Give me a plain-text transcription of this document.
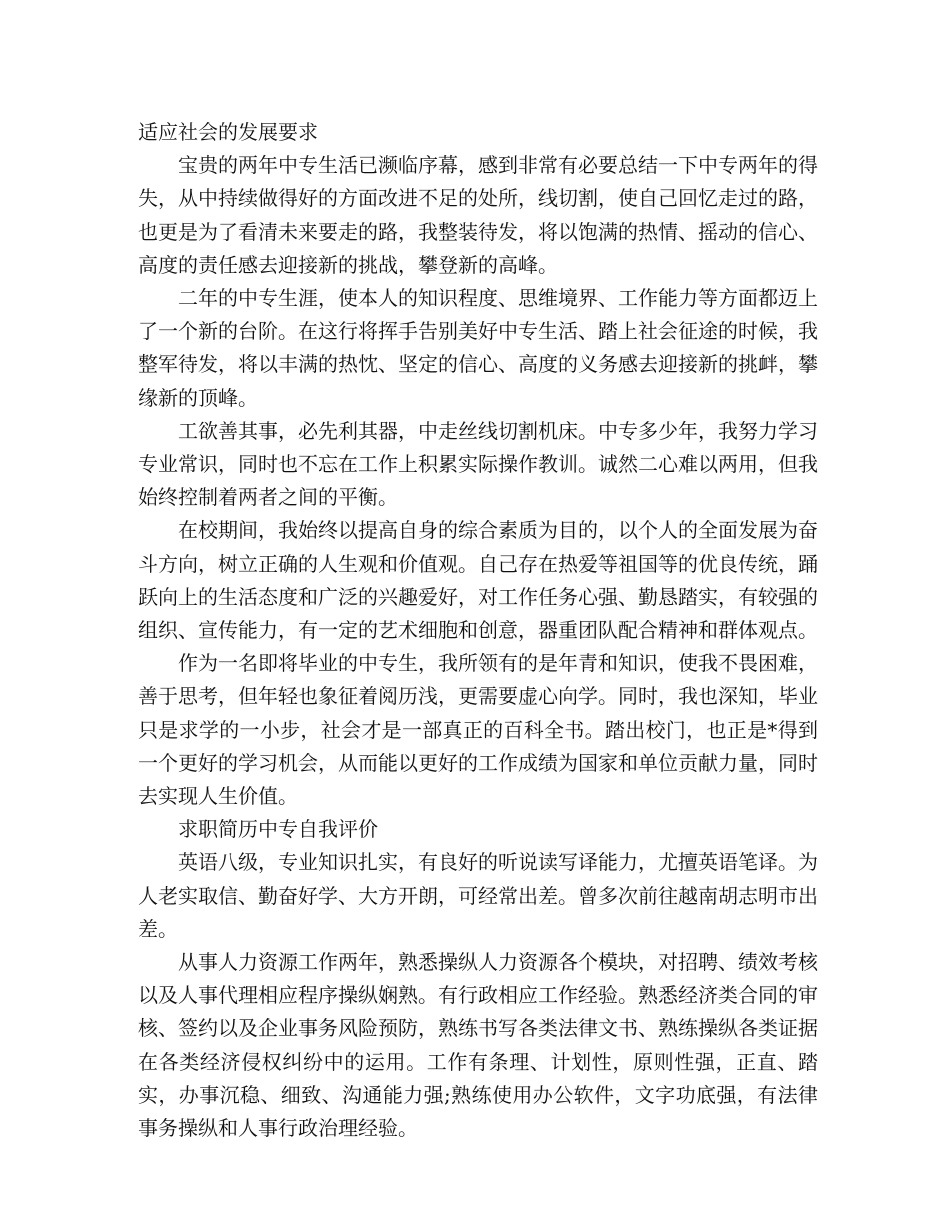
适应社会的发展要求

宝贵的两年中专生活已濒临序幕，感到非常有必要总结一下中专两年的得失，从中持续做得好的方面改进不足的处所，线切割，使自己回忆走过的路，也更是为了看清未来要走的路，我整装待发，将以饱满的热情、摇动的信心、高度的责任感去迎接新的挑战，攀登新的高峰。

二年的中专生涯，使本人的知识程度、思维境界、工作能力等方面都迈上了一个新的台阶。在这行将挥手告别美好中专生活、踏上社会征途的时候，我整军待发，将以丰满的热忱、坚定的信心、高度的义务感去迎接新的挑衅，攀缘新的顶峰。

工欲善其事，必先利其器，中走丝线切割机床。中专多少年，我努力学习专业常识，同时也不忘在工作上积累实际操作教训。诚然二心难以两用，但我始终控制着两者之间的平衡。

在校期间，我始终以提高自身的综合素质为目的，以个人的全面发展为奋斗方向，树立正确的人生观和价值观。自己存在热爱等祖国等的优良传统，踊跃向上的生活态度和广泛的兴趣爱好，对工作任务心强、勤恳踏实，有较强的组织、宣传能力，有一定的艺术细胞和创意，器重团队配合精神和群体观点。

作为一名即将毕业的中专生，我所领有的是年青和知识，使我不畏困难，善于思考，但年轻也象征着阅历浅，更需要虚心向学。同时，我也深知，毕业只是求学的一小步，社会才是一部真正的百科全书。踏出校门，也正是*得到一个更好的学习机会，从而能以更好的工作成绩为国家和单位贡献力量，同时去实现人生价值。

求职简历中专自我评价

英语八级，专业知识扎实，有良好的听说读写译能力，尤擅英语笔译。为人老实取信、勤奋好学、大方开朗，可经常出差。曾多次前往越南胡志明市出差。

从事人力资源工作两年，熟悉操纵人力资源各个模块，对招聘、绩效考核以及人事代理相应程序操纵娴熟。有行政相应工作经验。熟悉经济类合同的审核、签约以及企业事务风险预防，熟练书写各类法律文书、熟练操纵各类证据在各类经济侵权纠纷中的运用。工作有条理、计划性，原则性强，正直、踏实，办事沉稳、细致、沟通能力强;熟练使用办公软件，文字功底强，有法律事务操纵和人事行政治理经验。
